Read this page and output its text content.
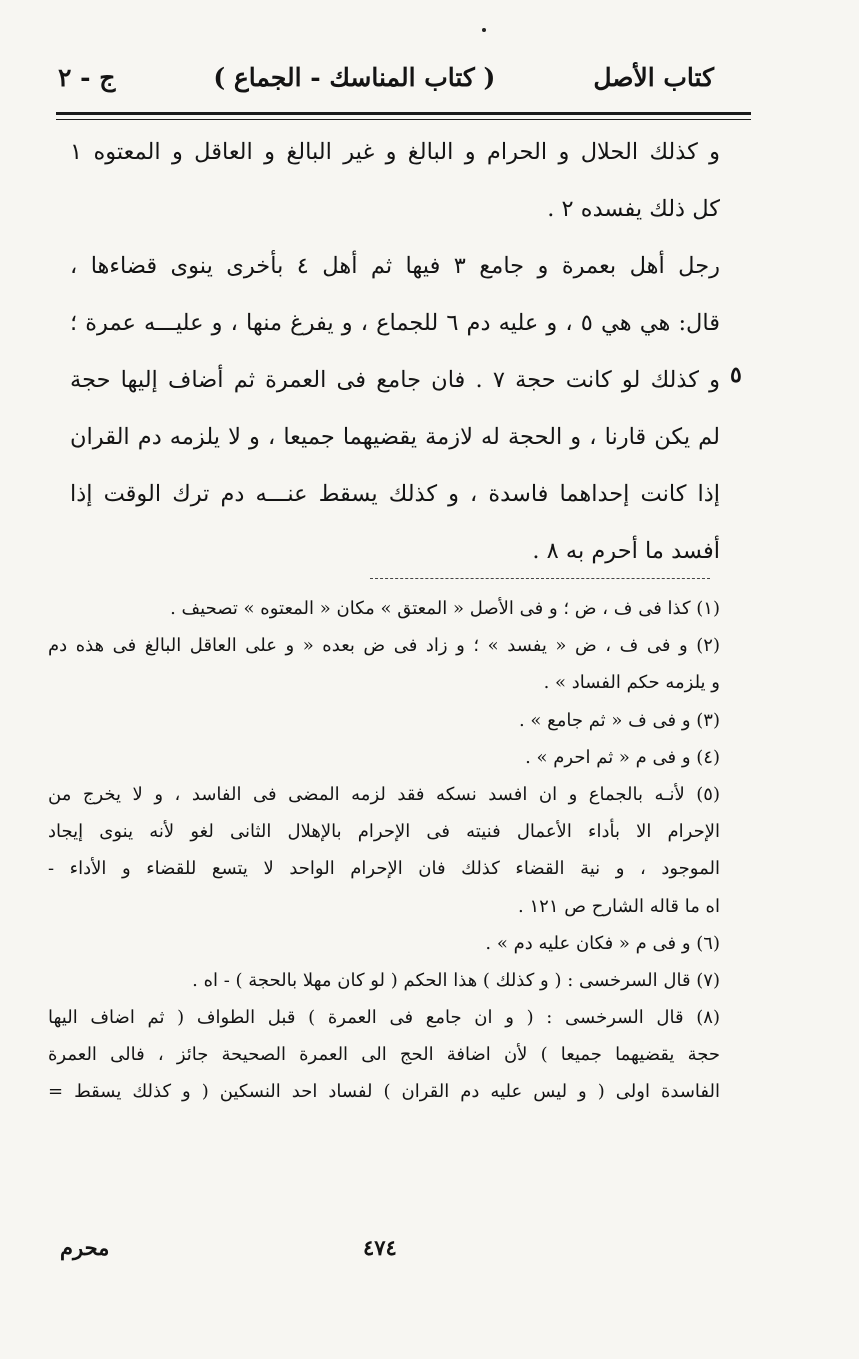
كتاب الأصل
( كتاب المناسك - الجماع )
ج - ٢
و كذلك الحلال و الحرام و البالغ و غير البالغ و العاقل و المعتوه ١
كل ذلك يفسده ٢ .
رجل أهل بعمرة و جامع ٣ فيها ثم أهل ٤ بأخرى ينوى قضاءها ،
قال: هي هي ٥ ، و عليه دم ٦ للجماع ، و يفرغ منها ، و عليـــه عمرة ؛
و كذلك لو كانت حجة ٧ . فان جامع فى العمرة ثم أضاف إليها حجة
لم يكن قارنا ، و الحجة له لازمة يقضيهما جميعا ، و لا يلزمه دم القران
إذا كانت إحداهما فاسدة ، و كذلك يسقط عنـــه دم ترك الوقت إذا
أفسد ما أحرم به ٨ .
٥
(١) كذا فى ف ، ض ؛ و فى الأصل « المعتق » مكان « المعتوه » تصحيف .
(٢) و فى ف ، ض « يفسد » ؛ و زاد فى ض بعده « و على العاقل البالغ فى هذه دم
و يلزمه حكم الفساد » .
(٣) و فى ف « ثم جامع » .
(٤) و فى م « ثم احرم » .
(٥) لأنـه بالجماع و ان افسد نسكه فقد لزمه المضى فى الفاسد ، و لا يخرج من
الإحرام الا بأداء الأعمال فنيته فى الإحرام بالإهلال الثانى لغو لأنه ينوى إيجاد
الموجود ، و نية القضاء كذلك فان الإحرام الواحد لا يتسع للقضاء و الأداء -
اه ما قاله الشارح ص ١٢١ .
(٦) و فى م « فكان عليه دم » .
(٧) قال السرخسى : ( و كذلك ) هذا الحكم ( لو كان مهلا بالحجة ) - اه .
(٨) قال السرخسى : ( و ان جامع فى العمرة ) قبل الطواف ( ثم اضاف اليها
حجة يقضيهما جميعا ) لأن اضافة الحج الى العمرة الصحيحة جائز ، فالى العمرة
الفاسدة اولى ( و ليس عليه دم القران ) لفساد احد النسكين ( و كذلك يسقط =
٤٧٤
محرم
